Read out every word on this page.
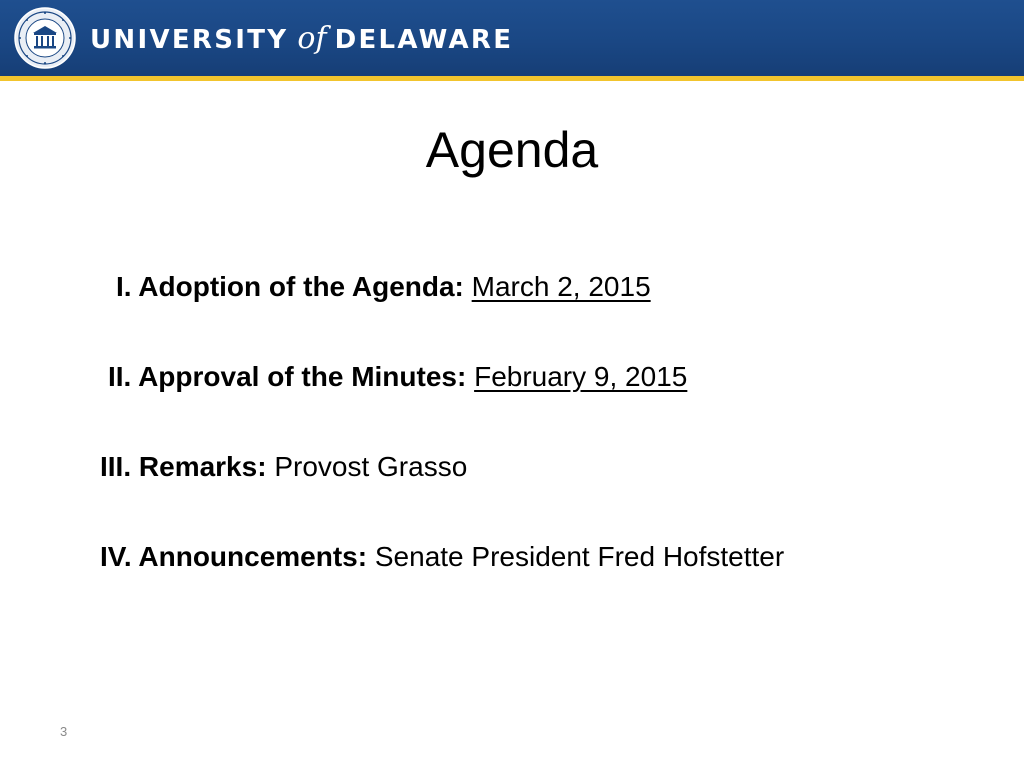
UNIVERSITY of DELAWARE
Agenda
I. Adoption of the Agenda: March 2, 2015
II. Approval of the Minutes: February 9, 2015
III. Remarks: Provost Grasso
IV. Announcements: Senate President Fred Hofstetter
3
